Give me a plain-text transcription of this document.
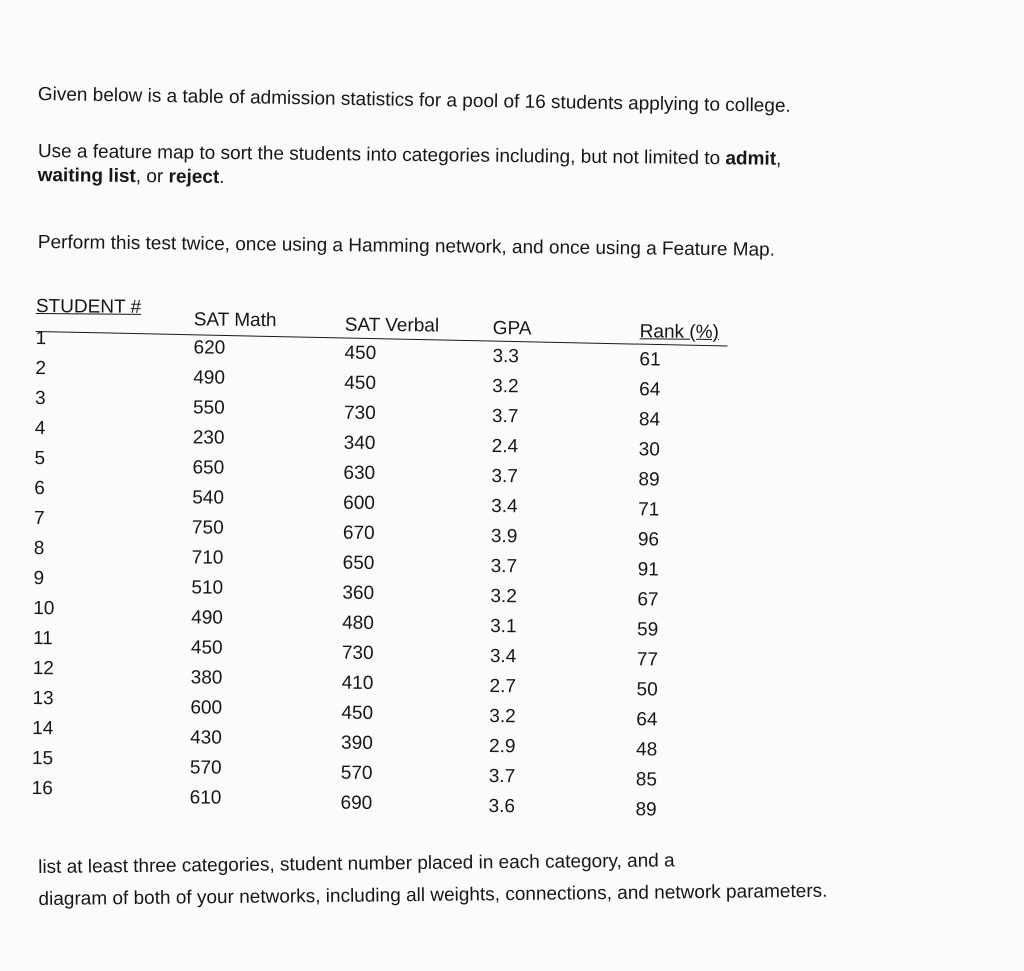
Given below is a table of admission statistics for a pool of 16 students applying to college.

Use a feature map to sort the students into categories including, but not limited to admit,
waiting list, or reject.

Perform this test twice, once using a Hamming network, and once using a Feature Map.

STUDENT #
SAT Math	SAT Verbal	GPA	Rank (%)
1	620	450	3.3	61
2	490	450	3.2	64
3	550	730	3.7	84
4	230	340	2.4	30
5	650	630	3.7	89
6	540	600	3.4	71
7	750	670	3.9	96
8	710	650	3.7	91
9	510	360	3.2	67
10	490	480	3.1	59
11	450	730	3.4	77
12	380	410	2.7	50
13	600	450	3.2	64
14	430	390	2.9	48
15	570	570	3.7	85
16	610	690	3.6	89

list at least three categories, student number placed in each category, and a
diagram of both of your networks, including all weights, connections, and network parameters.
